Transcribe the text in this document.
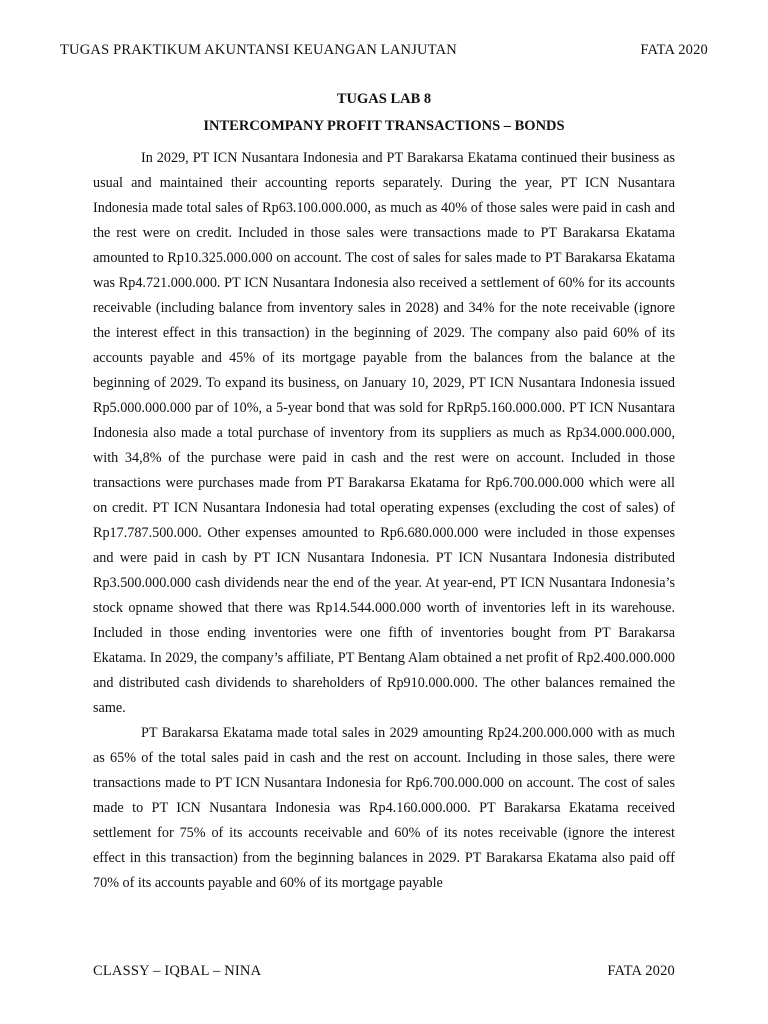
TUGAS PRAKTIKUM AKUNTANSI KEUANGAN LANJUTAN	FATA 2020
TUGAS LAB 8
INTERCOMPANY PROFIT TRANSACTIONS – BONDS

In 2029, PT ICN Nusantara Indonesia and PT Barakarsa Ekatama continued their business as usual and maintained their accounting reports separately. During the year, PT ICN Nusantara Indonesia made total sales of Rp63.100.000.000, as much as 40% of those sales were paid in cash and the rest were on credit. Included in those sales were transactions made to PT Barakarsa Ekatama amounted to Rp10.325.000.000 on account. The cost of sales for sales made to PT Barakarsa Ekatama was Rp4.721.000.000. PT ICN Nusantara Indonesia also received a settlement of 60% for its accounts receivable (including balance from inventory sales in 2028) and 34% for the note receivable (ignore the interest effect in this transaction) in the beginning of 2029. The company also paid 60% of its accounts payable and 45% of its mortgage payable from the balances from the balance at the beginning of 2029. To expand its business, on January 10, 2029, PT ICN Nusantara Indonesia issued Rp5.000.000.000 par of 10%, a 5-year bond that was sold for RpRp5.160.000.000. PT ICN Nusantara Indonesia also made a total purchase of inventory from its suppliers as much as Rp34.000.000.000, with 34,8% of the purchase were paid in cash and the rest were on account. Included in those transactions were purchases made from PT Barakarsa Ekatama for Rp6.700.000.000 which were all on credit. PT ICN Nusantara Indonesia had total operating expenses (excluding the cost of sales) of Rp17.787.500.000. Other expenses amounted to Rp6.680.000.000 were included in those expenses and were paid in cash by PT ICN Nusantara Indonesia. PT ICN Nusantara Indonesia distributed Rp3.500.000.000 cash dividends near the end of the year. At year-end, PT ICN Nusantara Indonesia’s stock opname showed that there was Rp14.544.000.000 worth of inventories left in its warehouse. Included in those ending inventories were one fifth of inventories bought from PT Barakarsa Ekatama. In 2029, the company’s affiliate, PT Bentang Alam obtained a net profit of Rp2.400.000.000 and distributed cash dividends to shareholders of Rp910.000.000. The other balances remained the same.

PT Barakarsa Ekatama made total sales in 2029 amounting Rp24.200.000.000 with as much as 65% of the total sales paid in cash and the rest on account. Including in those sales, there were transactions made to PT ICN Nusantara Indonesia for Rp6.700.000.000 on account. The cost of sales made to PT ICN Nusantara Indonesia was Rp4.160.000.000. PT Barakarsa Ekatama received settlement for 75% of its accounts receivable and 60% of its notes receivable (ignore the interest effect in this transaction) from the beginning balances in 2029. PT Barakarsa Ekatama also paid off 70% of its accounts payable and 60% of its mortgage payable

CLASSY – IQBAL – NINA	FATA 2020
